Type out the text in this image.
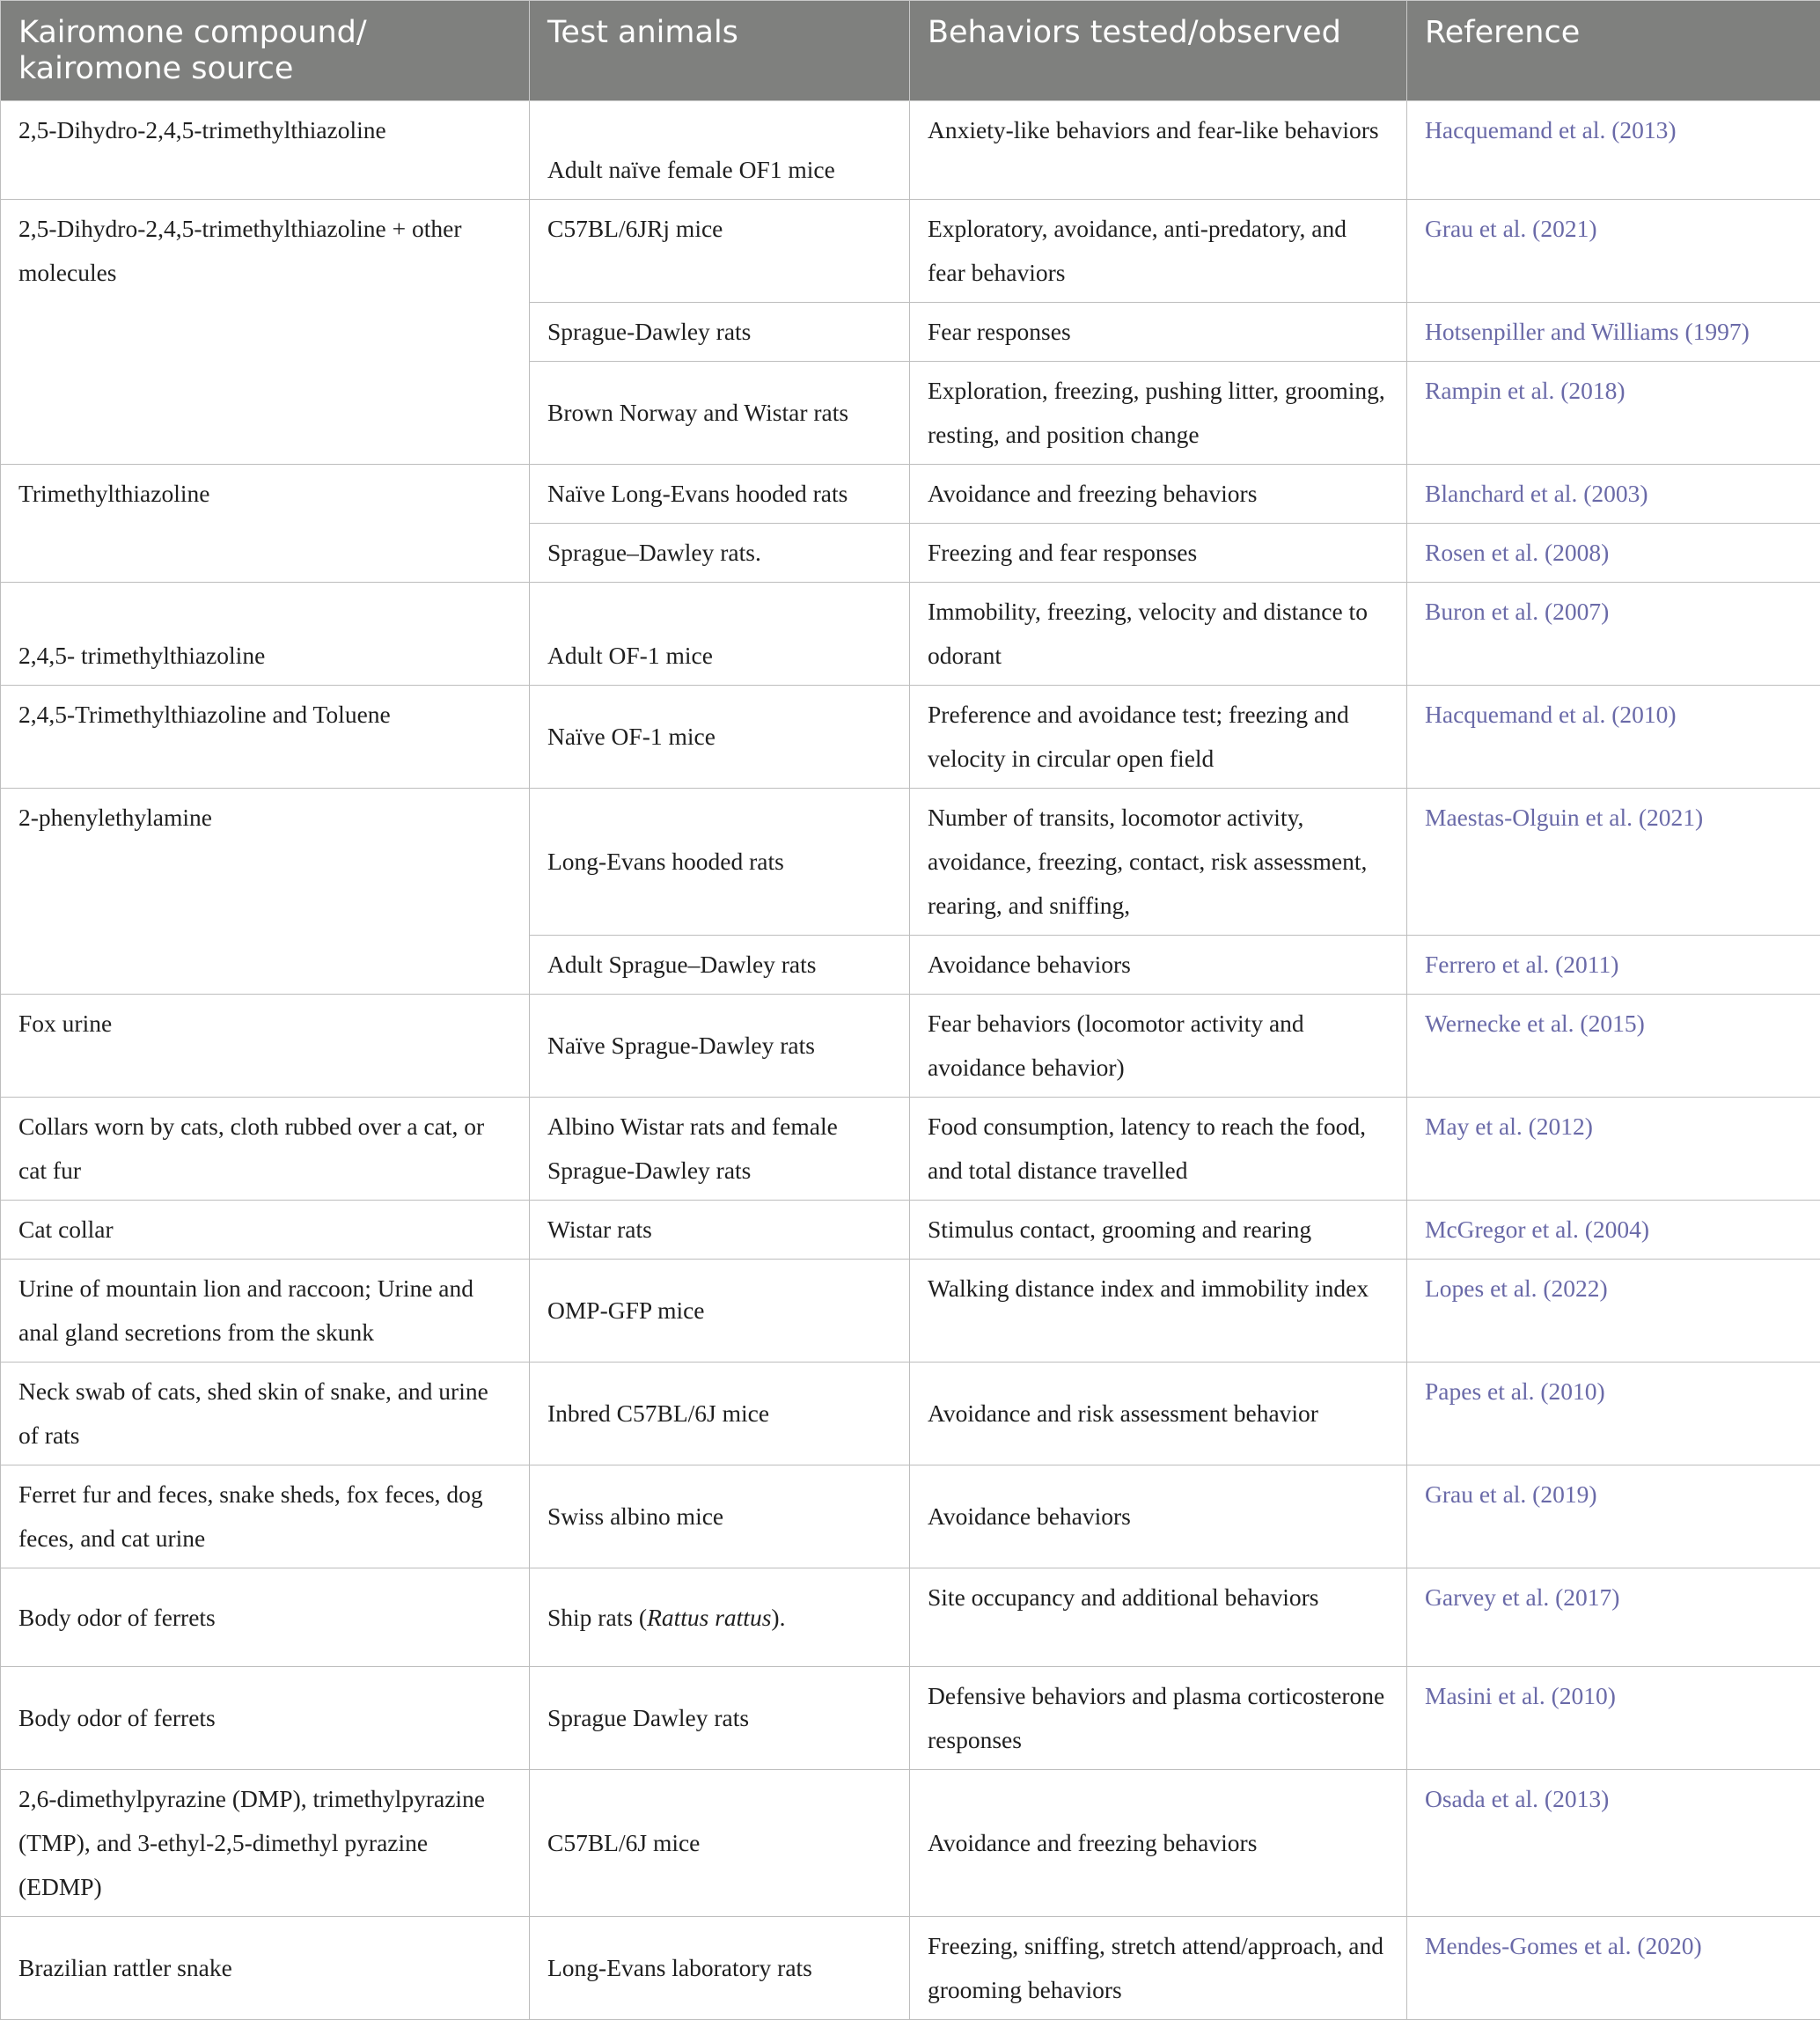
Kairomone compound/ kairomone source	Test animals	Behaviors tested/observed	Reference
2,5-Dihydro-2,4,5-trimethylthiazoline	Adult naïve female OF1 mice	Anxiety-like behaviors and fear-like behaviors	Hacquemand et al. (2013)
2,5-Dihydro-2,4,5-trimethylthiazoline + other molecules	C57BL/6JRj mice	Exploratory, avoidance, anti-predatory, and fear behaviors	Grau et al. (2021)
	Sprague-Dawley rats	Fear responses	Hotsenpiller and Williams (1997)
	Brown Norway and Wistar rats	Exploration, freezing, pushing litter, grooming, resting, and position change	Rampin et al. (2018)
Trimethylthiazoline	Naïve Long-Evans hooded rats	Avoidance and freezing behaviors	Blanchard et al. (2003)
	Sprague–Dawley rats.	Freezing and fear responses	Rosen et al. (2008)
2,4,5- trimethylthiazoline	Adult OF-1 mice	Immobility, freezing, velocity and distance to odorant	Buron et al. (2007)
2,4,5-Trimethylthiazoline and Toluene	Naïve OF-1 mice	Preference and avoidance test; freezing and velocity in circular open field	Hacquemand et al. (2010)
2-phenylethylamine	Long-Evans hooded rats	Number of transits, locomotor activity, avoidance, freezing, contact, risk assessment, rearing, and sniffing,	Maestas-Olguin et al. (2021)
	Adult Sprague–Dawley rats	Avoidance behaviors	Ferrero et al. (2011)
Fox urine	Naïve Sprague-Dawley rats	Fear behaviors (locomotor activity and avoidance behavior)	Wernecke et al. (2015)
Collars worn by cats, cloth rubbed over a cat, or cat fur	Albino Wistar rats and female Sprague-Dawley rats	Food consumption, latency to reach the food, and total distance travelled	May et al. (2012)
Cat collar	Wistar rats	Stimulus contact, grooming and rearing	McGregor et al. (2004)
Urine of mountain lion and raccoon; Urine and anal gland secretions from the skunk	OMP-GFP mice	Walking distance index and immobility index	Lopes et al. (2022)
Neck swab of cats, shed skin of snake, and urine of rats	Inbred C57BL/6J mice	Avoidance and risk assessment behavior	Papes et al. (2010)
Ferret fur and feces, snake sheds, fox feces, dog feces, and cat urine	Swiss albino mice	Avoidance behaviors	Grau et al. (2019)
Body odor of ferrets	Ship rats (Rattus rattus).	Site occupancy and additional behaviors	Garvey et al. (2017)
Body odor of ferrets	Sprague Dawley rats	Defensive behaviors and plasma corticosterone responses	Masini et al. (2010)
2,6-dimethylpyrazine (DMP), trimethylpyrazine (TMP), and 3-ethyl-2,5-dimethyl pyrazine (EDMP)	C57BL/6J mice	Avoidance and freezing behaviors	Osada et al. (2013)
Brazilian rattler snake	Long-Evans laboratory rats	Freezing, sniffing, stretch attend/approach, and grooming behaviors	Mendes-Gomes et al. (2020)
